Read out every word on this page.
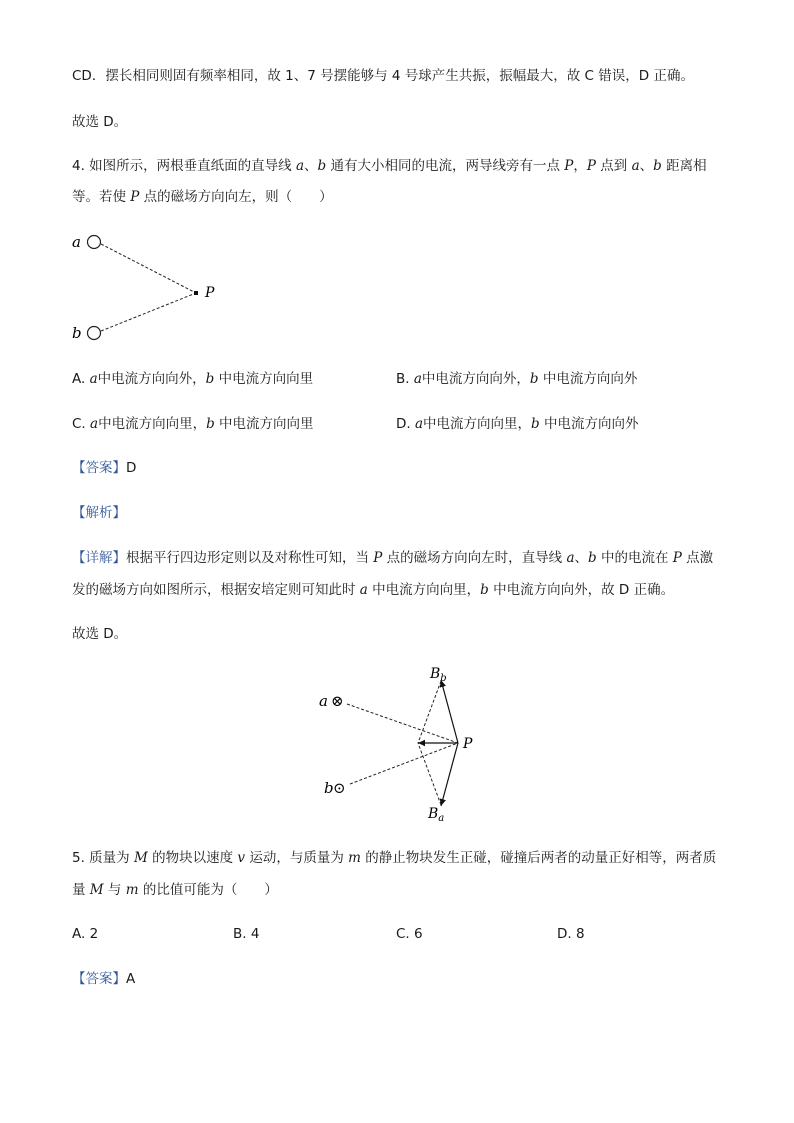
CD．摆长相同则固有频率相同，故 1、7 号摆能够与 4 号球产生共振，振幅最大，故 C 错误，D 正确。
故选 D。
4. 如图所示，两根垂直纸面的直导线 a、b 通有大小相同的电流，两导线旁有一点 P，P 点到 a、b 距离相
等。若使 P 点的磁场方向向左，则（　　）
a
b
P
A. a中电流方向向外，b 中电流方向向里	B. a中电流方向向外，b 中电流方向向外
C. a中电流方向向里，b 中电流方向向里	D. a中电流方向向里，b 中电流方向向外
【答案】D
【解析】
【详解】根据平行四边形定则以及对称性可知，当 P 点的磁场方向向左时，直导线 a、b 中的电流在 P 点激
发的磁场方向如图所示，根据安培定则可知此时 a 中电流方向向里，b 中电流方向向外，故 D 正确。
故选 D。
a ⊗
b ⊙
P
$B_b$
$B_a$
5. 质量为 M 的物块以速度 v 运动，与质量为 m 的静止物块发生正碰，碰撞后两者的动量正好相等，两者质
量 M 与 m 的比值可能为（　　）
A. 2	B. 4	C. 6	D. 8
【答案】A
